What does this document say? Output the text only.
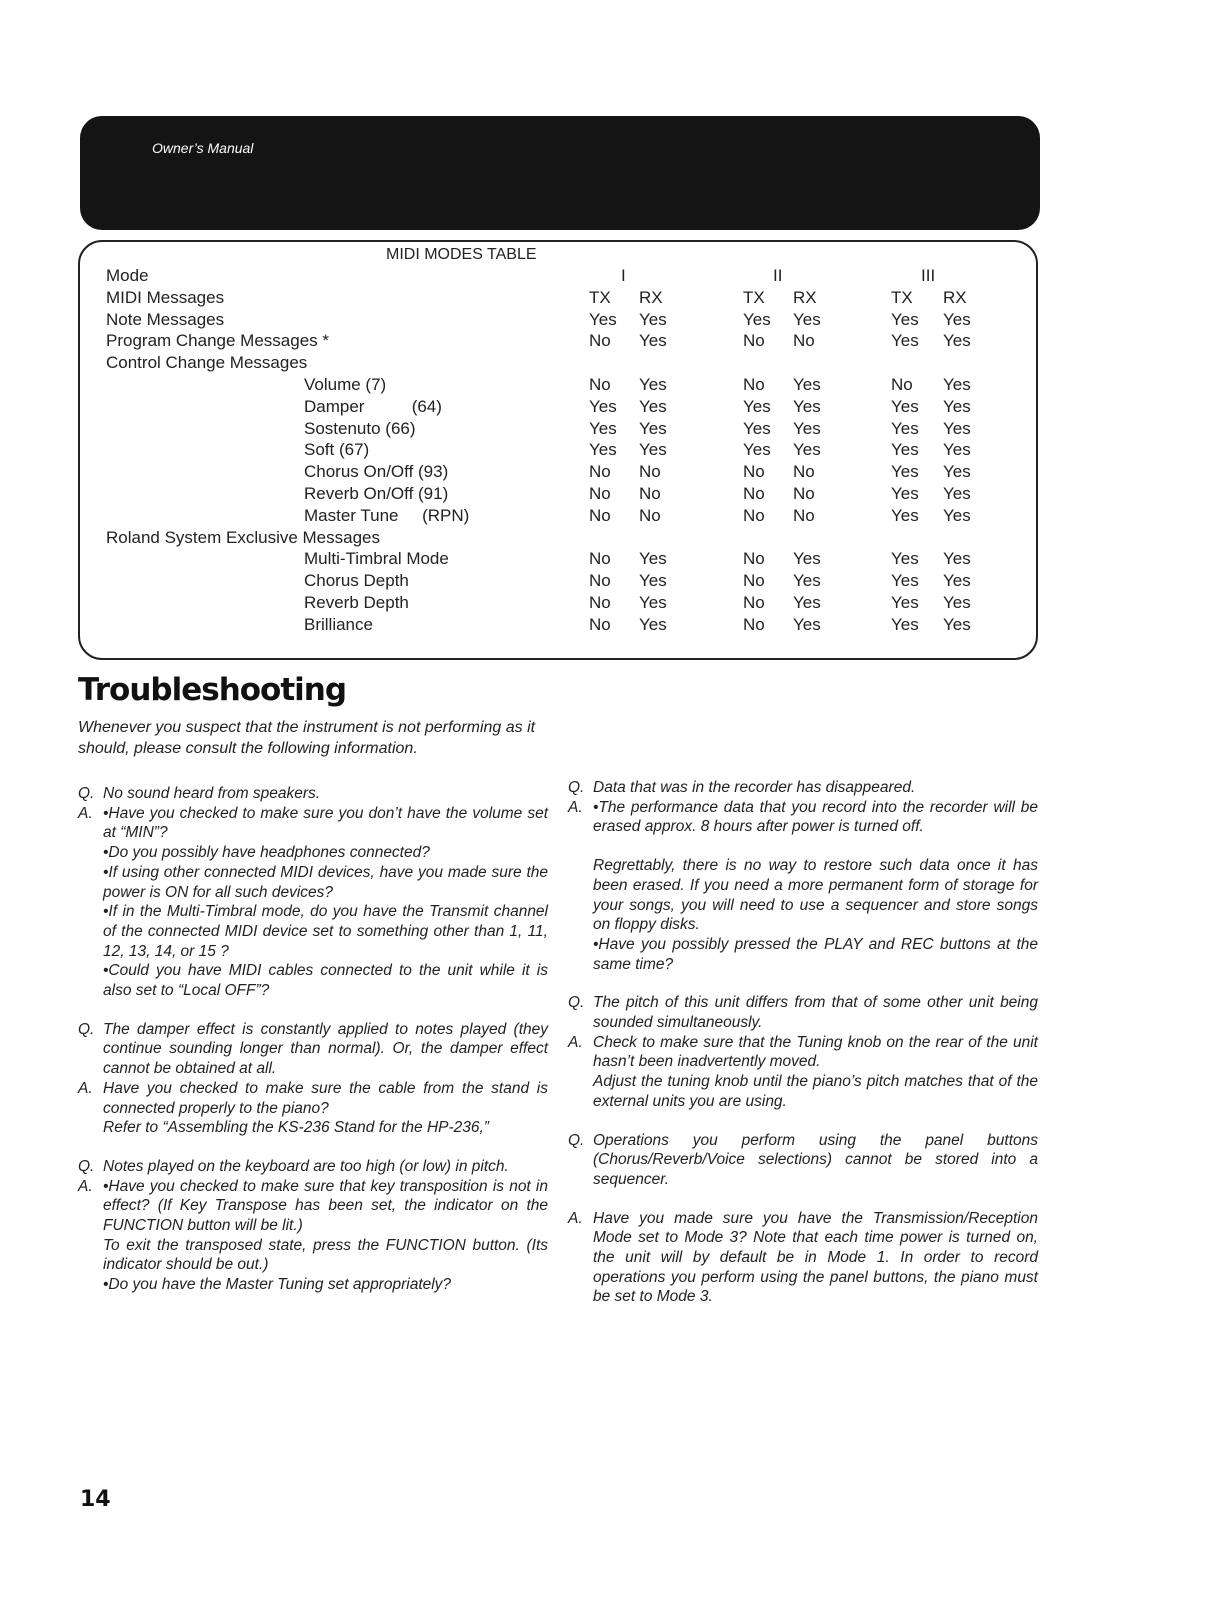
Owner’s Manual
MIDI MODES TABLE
Mode	I	II	III
MIDI Messages	TX RX	TX RX	TX RX
Note Messages	Yes Yes	Yes Yes	Yes Yes
Program Change Messages *	No Yes	No No	Yes Yes
Control Change Messages
Volume (7)	No Yes	No Yes	No Yes
Damper          (64)	Yes Yes	Yes Yes	Yes Yes
Sostenuto (66)	Yes Yes	Yes Yes	Yes Yes
Soft (67)	Yes Yes	Yes Yes	Yes Yes
Chorus On/Off (93)	No No	No No	Yes Yes
Reverb On/Off (91)	No No	No No	Yes Yes
Master Tune     (RPN)	No No	No No	Yes Yes
Roland System Exclusive Messages
Multi-Timbral Mode	No Yes	No Yes	Yes Yes
Chorus Depth	No Yes	No Yes	Yes Yes
Reverb Depth	No Yes	No Yes	Yes Yes
Brilliance	No Yes	No Yes	Yes Yes
Troubleshooting
Whenever you suspect that the instrument is not performing as it should, please consult the following information.

Q. No sound heard from speakers.

A. •Have you checked to make sure you don’t have the volume set at “MIN”?

•Do you possibly have headphones connected?

•If using other connected MIDI devices, have you made sure the power is ON for all such devices?

•If in the Multi-Timbral mode, do you have the Transmit channel of the connected MIDI device set to something other than 1, 11, 12, 13, 14, or 15 ?

•Could you have MIDI cables connected to the unit while it is also set to “Local OFF”?

Q. The damper effect is constantly applied to notes played (they continue sounding longer than normal). Or, the damper effect cannot be obtained at all.

A. Have you checked to make sure the cable from the stand is connected properly to the piano?

Refer to “Assembling the KS-236 Stand for the HP-236,”

Q. Notes played on the keyboard are too high (or low) in pitch.

A. •Have you checked to make sure that key transposition is not in effect? (If Key Transpose has been set, the indicator on the FUNCTION button will be lit.)

To exit the transposed state, press the FUNCTION button. (Its indicator should be out.)

•Do you have the Master Tuning set appropriately?

Q. Data that was in the recorder has disappeared.

A. •The performance data that you record into the recorder will be erased approx. 8 hours after power is turned off.

Regrettably, there is no way to restore such data once it has been erased. If you need a more permanent form of storage for your songs, you will need to use a sequencer and store songs on floppy disks.

•Have you possibly pressed the PLAY and REC buttons at the same time?

Q. The pitch of this unit differs from that of some other unit being sounded simultaneously.

A. Check to make sure that the Tuning knob on the rear of the unit hasn’t been inadvertently moved.

Adjust the tuning knob until the piano’s pitch matches that of the external units you are using.

Q. Operations you perform using the panel buttons (Chorus/Reverb/Voice selections) cannot be stored into a sequencer.

A. Have you made sure you have the Transmission/Reception Mode set to Mode 3? Note that each time power is turned on, the unit will by default be in Mode 1. In order to record operations you perform using the panel buttons, the piano must be set to Mode 3.

14
